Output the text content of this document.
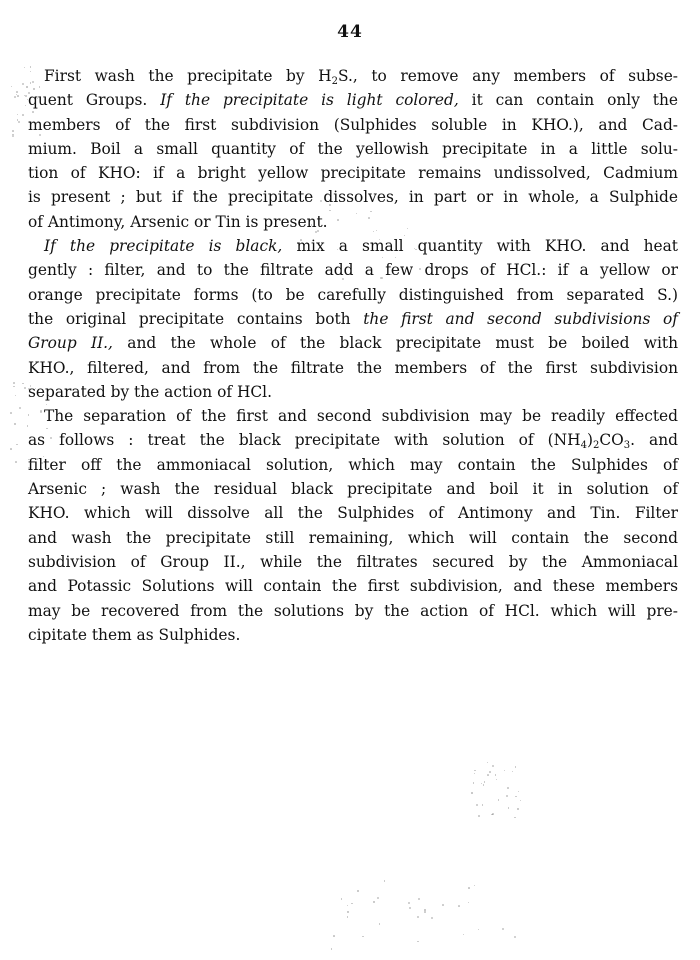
44
First wash the precipitate by $H_2S$., to remove any members of subse-
quent Groups. If the precipitate is light colored, it can contain only the
members of the first subdivision (Sulphides soluble in KHO.), and Cad-
mium. Boil a small quantity of the yellowish precipitate in a little solu-
tion of KHO: if a bright yellow precipitate remains undissolved, Cadmium
is present ; but if the precipitate dissolves, in part or in whole, a Sulphide
of Antimony, Arsenic or Tin is present.
If the precipitate is black, mix a small quantity with KHO. and heat
gently : filter, and to the filtrate add a few drops of HCl.: if a yellow or
orange precipitate forms (to be carefully distinguished from separated S.)
the original precipitate contains both the first and second subdivisions of
Group II., and the whole of the black precipitate must be boiled with
KHO., filtered, and from the filtrate the members of the first subdivision
separated by the action of HCl.
The separation of the first and second subdivision may be readily effected
as follows : treat the black precipitate with solution of $(NH_4)_2CO_3$. and
filter off the ammoniacal solution, which may contain the Sulphides of
Arsenic ; wash the residual black precipitate and boil it in solution of
KHO. which will dissolve all the Sulphides of Antimony and Tin. Filter
and wash the precipitate still remaining, which will contain the second
subdivision of Group II., while the filtrates secured by the Ammoniacal
and Potassic Solutions will contain the first subdivision, and these members
may be recovered from the solutions by the action of HCl. which will pre-
cipitate them as Sulphides.
